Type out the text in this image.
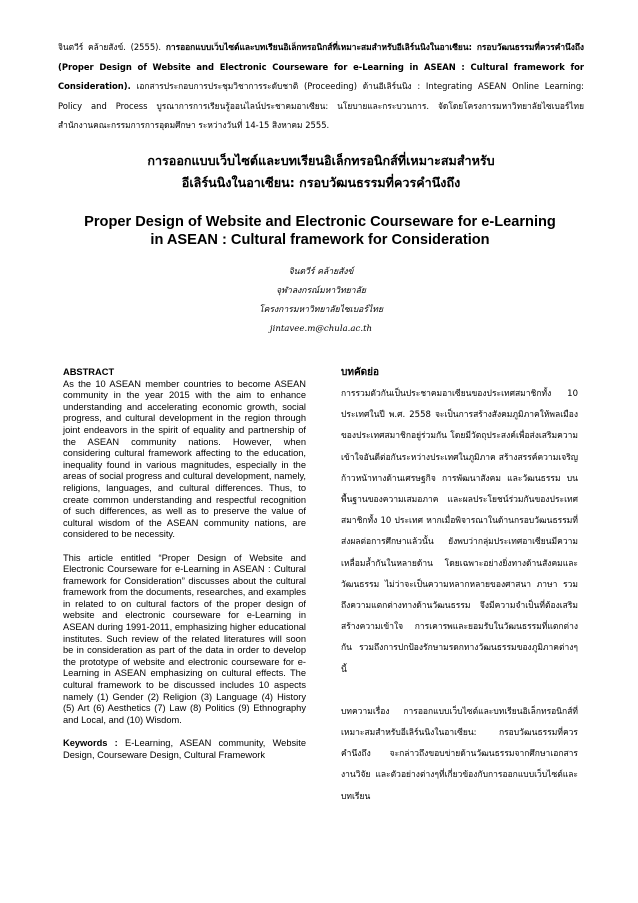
จินตวีร์ คล้ายสังข์. (2555). การออกแบบเว็บไซต์และบทเรียนอิเล็กทรอนิกส์ที่เหมาะสมสำหรับอีเลิร์นนิงในอาเซียน: กรอบวัฒนธรรมที่ควรคำนึงถึง (Proper Design of Website and Electronic Courseware for e-Learning in ASEAN : Cultural framework for Consideration). เอกสารประกอบการประชุมวิชาการระดับชาติ (Proceeding) ด้านอีเลิร์นนิง : Integrating ASEAN Online Learning: Policy and Process บูรณาการการเรียนรู้ออนไลน์ประชาคมอาเซียน: นโยบายและกระบวนการ. จัดโดยโครงการมหาวิทยาลัยไซเบอร์ไทย สำนักงานคณะกรรมการการอุดมศึกษา ระหว่างวันที่ 14-15 สิงหาคม 2555.
การออกแบบเว็บไซต์และบทเรียนอิเล็กทรอนิกส์ที่เหมาะสมสำหรับ
อีเลิร์นนิงในอาเซียน: กรอบวัฒนธรรมที่ควรคำนึงถึง
Proper Design of Website and Electronic Courseware for e-Learning
in ASEAN : Cultural framework for Consideration
จินตวีร์ คล้ายสังข์
จุฬาลงกรณ์มหาวิทยาลัย
โครงการมหาวิทยาลัยไซเบอร์ไทย
jintavee.m@chula.ac.th
ABSTRACT

As the 10 ASEAN member countries to become ASEAN community in the year 2015 with the aim to enhance understanding and accelerating economic growth, social progress, and cultural development in the region through joint endeavors in the spirit of equality and partnership of the ASEAN community nations. However, when considering cultural framework affecting to the education, inequality found in various magnitudes, especially in the areas of social progress and cultural development, namely, religions, languages, and cultural differences. Thus, to create common understanding and respectful recognition of such differences, as well as to preserve the value of cultural wisdom of the ASEAN community nations, are considered to be necessity.

This article entitled “Proper Design of Website and Electronic Courseware for e-Learning in ASEAN : Cultural framework for Consideration” discusses about the cultural framework from the documents, researches, and examples in related to on cultural factors of the proper design of website and electronic courseware for e-Learning in ASEAN during 1991-2011, emphasizing higher educational institutes. Such review of the related literatures will soon be in consideration as part of the data in order to develop the prototype of website and electronic courseware for e-Learning in ASEAN emphasizing on cultural effects. The cultural framework to be discussed includes 10 aspects namely (1) Gender (2) Religion (3) Language (4) History (5) Art (6) Aesthetics (7) Law (8) Politics (9) Ethnography and Local, and (10) Wisdom.

Keywords : E-Learning, ASEAN community, Website Design, Courseware Design, Cultural Framework

บทคัดย่อ

การรวมตัวกันเป็นประชาคมอาเซียนของประเทศสมาชิกทั้ง 10 ประเทศในปี พ.ศ. 2558 จะเป็นการสร้างสังคมภูมิภาคให้พลเมืองของประเทศสมาชิกอยู่ร่วมกัน โดยมีวัตถุประสงค์เพื่อส่งเสริมความเข้าใจอันดีต่อกันระหว่างประเทศในภูมิภาค สร้างสรรค์ความเจริญก้าวหน้าทางด้านเศรษฐกิจ การพัฒนาสังคม และวัฒนธรรม บนพื้นฐานของความเสมอภาค และผลประโยชน์ร่วมกันของประเทศสมาชิกทั้ง 10 ประเทศ หากเมื่อพิจารณาในด้านกรอบวัฒนธรรมที่ส่งผลต่อการศึกษาแล้วนั้น ยังพบว่ากลุ่มประเทศอาเซียนมีความเหลื่อมล้ำกันในหลายด้าน โดยเฉพาะอย่างยิ่งทางด้านสังคมและวัฒนธรรม ไม่ว่าจะเป็นความหลากหลายของศาสนา ภาษา รวมถึงความแตกต่างทางด้านวัฒนธรรม จึงมีความจำเป็นที่ต้องเสริมสร้างความเข้าใจ การเคารพและยอมรับในวัฒนธรรมที่แตกต่างกัน รวมถึงการปกป้องรักษามรดกทางวัฒนธรรมของภูมิภาคต่างๆ นี้

บทความเรื่อง การออกแบบเว็บไซต์และบทเรียนอิเล็กทรอนิกส์ที่เหมาะสมสำหรับอีเลิร์นนิงในอาเซียน: กรอบวัฒนธรรมที่ควรคำนึงถึง จะกล่าวถึงขอบข่ายด้านวัฒนธรรมจากศึกษาเอกสาร งานวิจัย และตัวอย่างต่างๆที่เกี่ยวข้องกับการออกแบบเว็บไซต์และบทเรียน
